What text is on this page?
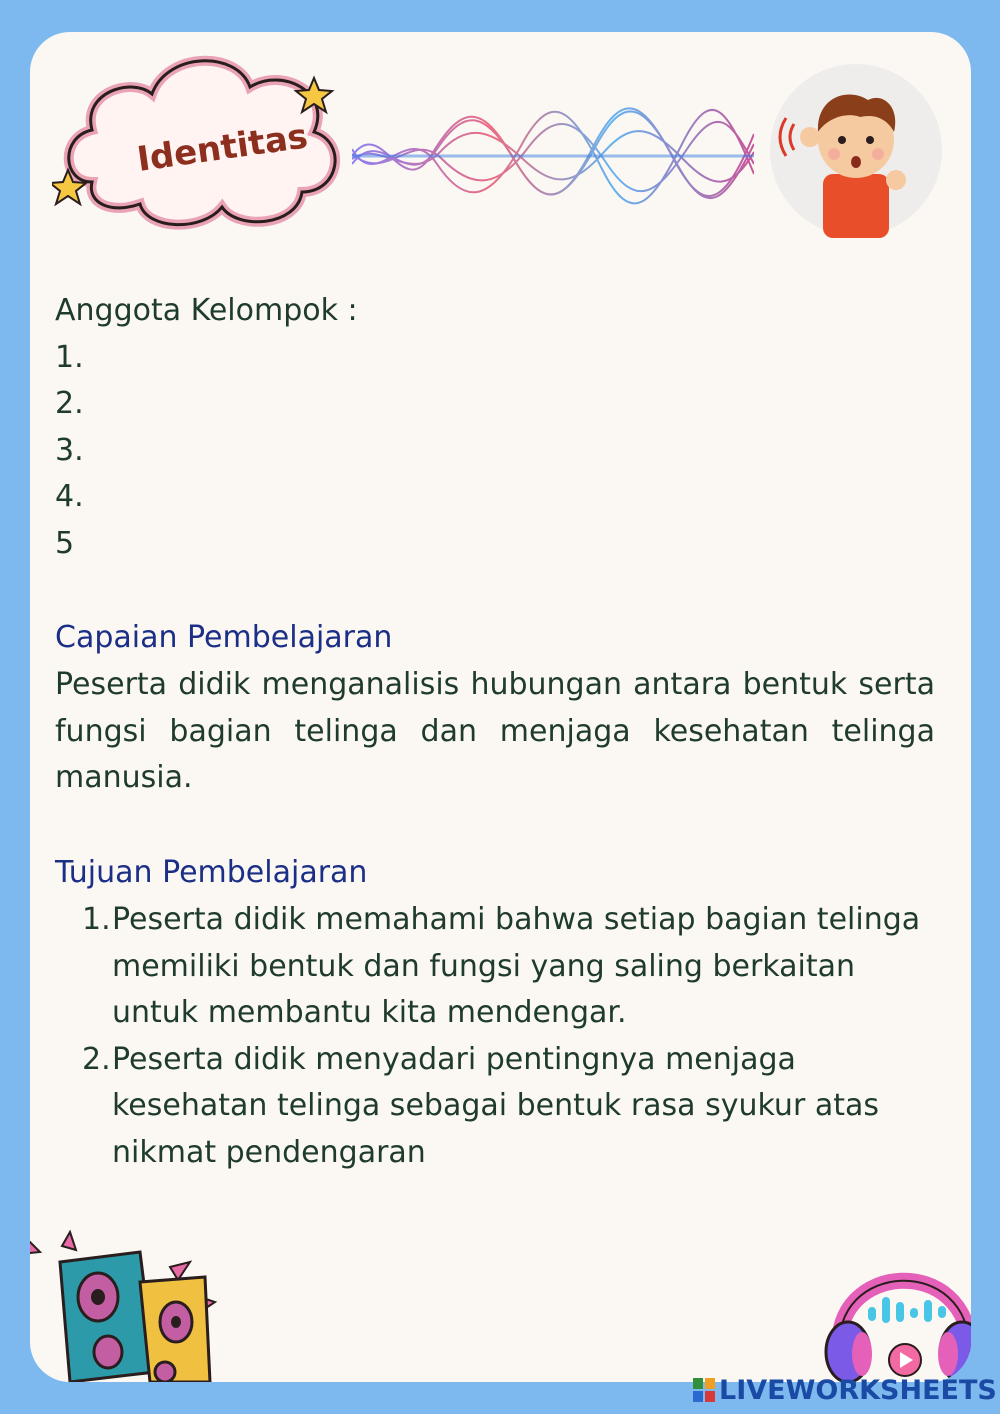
Identitas
Anggota Kelompok :
1.
2.
3.
4.
5
Capaian Pembelajaran
Peserta didik menganalisis hubungan antara bentuk serta fungsi bagian telinga dan menjaga kesehatan telinga manusia.
Tujuan Pembelajaran
1. Peserta didik memahami bahwa setiap bagian telinga memiliki bentuk dan fungsi yang saling berkaitan untuk membantu kita mendengar.
2. Peserta didik menyadari pentingnya menjaga kesehatan telinga sebagai bentuk rasa syukur atas nikmat pendengaran
LIVEWORKSHEETS
